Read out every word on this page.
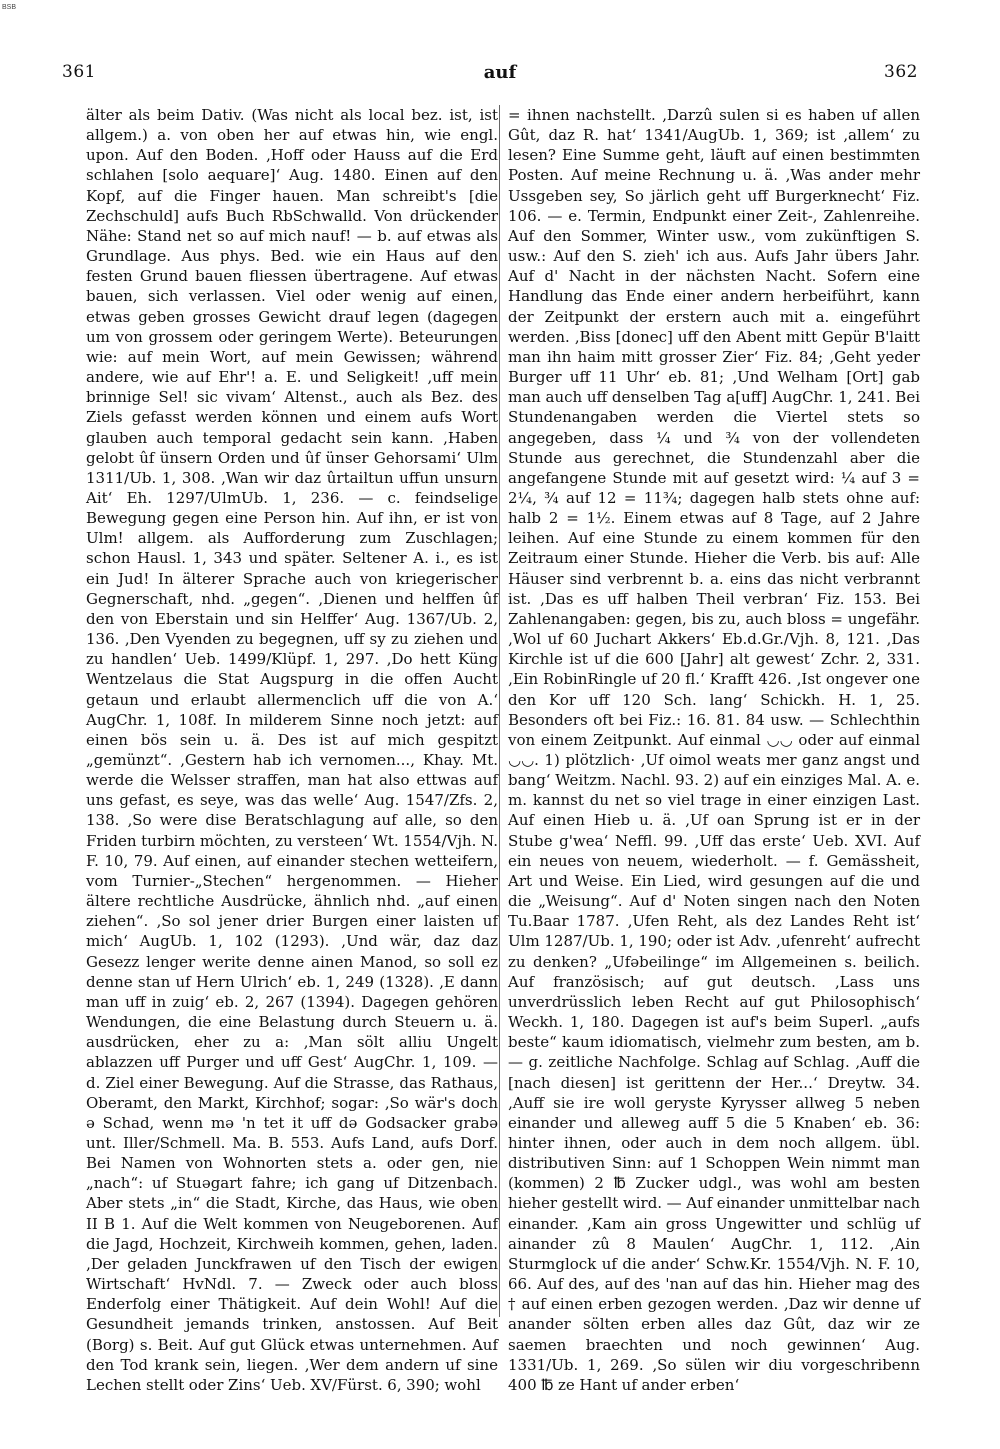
BSB
361	auf	362

älter als beim Dativ. (Was nicht als local bez. ist, ist allgem.) a. von oben her auf etwas hin, wie engl. upon. Auf den Boden. ‚Hoff oder Hauss auf die Erd schlahen [solo aequare]‘ Aug. 1480. Einen auf den Kopf, auf die Finger hauen. Man schreibt's [die Zechschuld] aufs Buch RbSchwalld. Von drückender Nähe: Stand net so auf mich nauf! — b. auf etwas als Grundlage. Aus phys. Bed. wie ein Haus auf den festen Grund bauen fliessen übertragene. Auf etwas bauen, sich verlassen. Viel oder wenig auf einen, etwas geben grosses Gewicht drauf legen (dagegen um von grossem oder geringem Werte). Beteurungen wie: auf mein Wort, auf mein Gewissen; während andere, wie auf Ehr'! a. E. und Seligkeit! ‚uff mein brinnige Sel! sic vivam‘ Altenst., auch als Bez. des Ziels gefasst werden können und einem aufs Wort glauben auch temporal gedacht sein kann. ‚Haben gelobt ûf ünsern Orden und ûf ünser Gehorsami‘ Ulm 1311/Ub. 1, 308. ‚Wan wir daz ûrtailtun uffun unsurn Ait‘ Eh. 1297/UlmUb. 1, 236. — c. feindselige Bewegung gegen eine Person hin. Auf ihn, er ist von Ulm! allgem. als Aufforderung zum Zuschlagen; schon Hausl. 1, 343 und später. Seltener A. i., es ist ein Jud! In älterer Sprache auch von kriegerischer Gegnerschaft, nhd. „gegen“. ‚Dienen und helffen ûf den von Eberstain und sin Helffer‘ Aug. 1367/Ub. 2, 136. ‚Den Vyenden zu begegnen, uff sy zu ziehen und zu handlen‘ Ueb. 1499/Klüpf. 1, 297. ‚Do hett Küng Wentzelaus die Stat Augspurg in die offen Aucht getaun und erlaubt allermenclich uff die von A.‘ AugChr. 1, 108f. In milderem Sinne noch jetzt: auf einen bös sein u. ä. Des ist auf mich gespitzt „gemünzt“. ‚Gestern hab ich vernomen..., Khay. Mt. werde die Welsser straffen, man hat also ettwas auf uns gefast, es seye, was das welle‘ Aug. 1547/Zfs. 2, 138. ‚So were dise Beratschlagung auf alle, so den Friden turbirn möchten, zu versteen‘ Wt. 1554/Vjh. N. F. 10, 79. Auf einen, auf einander stechen wetteifern, vom Turnier-„Stechen“ hergenommen. — Hieher ältere rechtliche Ausdrücke, ähnlich nhd. „auf einen ziehen“. ‚So sol jener drier Burgen einer laisten uf mich‘ AugUb. 1, 102 (1293). ‚Und wär, daz daz Gesezz lenger werite denne ainen Manod, so soll ez denne stan uf Hern Ulrich‘ eb. 1, 249 (1328). ‚E dann man uff in zuig‘ eb. 2, 267 (1394). Dagegen gehören Wendungen, die eine Belastung durch Steuern u. ä. ausdrücken, eher zu a: ‚Man sölt alliu Ungelt ablazzen uff Purger und uff Gest‘ AugChr. 1, 109. — d. Ziel einer Bewegung. Auf die Strasse, das Rathaus, Oberamt, den Markt, Kirchhof; sogar: ‚So wär's doch ə Schad, wenn mə 'n tet it uff də Godsacker grabə unt. Iller/Schmell. Ma. B. 553. Aufs Land, aufs Dorf. Bei Namen von Wohnorten stets a. oder gen, nie „nach“: uf Stuəgart fahre; ich gang uf Ditzenbach. Aber stets „in“ die Stadt, Kirche, das Haus, wie oben II B 1. Auf die Welt kommen von Neugeborenen. Auf die Jagd, Hochzeit, Kirchweih kommen, gehen, laden. ‚Der geladen Junckfrawen uf den Tisch der ewigen Wirtschaft‘ HvNdl. 7. — Zweck oder auch bloss Enderfolg einer Thätigkeit. Auf dein Wohl! Auf die Gesundheit jemands trinken, anstossen. Auf Beit (Borg) s. Beit. Auf gut Glück etwas unternehmen. Auf den Tod krank sein, liegen. ‚Wer dem andern uf sine Lechen stellt oder Zins‘ Ueb. XV/Fürst. 6, 390; wohl

= ihnen nachstellt. ‚Darzû sulen si es haben uf allen Gût, daz R. hat‘ 1341/AugUb. 1, 369; ist ‚allem‘ zu lesen? Eine Summe geht, läuft auf einen bestimmten Posten. Auf meine Rechnung u. ä. ‚Was ander mehr Ussgeben sey, So järlich geht uff Burgerknecht‘ Fiz. 106. — e. Termin, Endpunkt einer Zeit-, Zahlenreihe. Auf den Sommer, Winter usw., vom zukünftigen S. usw.: Auf den S. zieh' ich aus. Aufs Jahr übers Jahr. Auf d' Nacht in der nächsten Nacht. Sofern eine Handlung das Ende einer andern herbeiführt, kann der Zeitpunkt der erstern auch mit a. eingeführt werden. ‚Biss [donec] uff den Abent mitt Gepür B'laitt man ihn haim mitt grosser Zier‘ Fiz. 84; ‚Geht yeder Burger uff 11 Uhr‘ eb. 81; ‚Und Welham [Ort] gab man auch uff denselben Tag a[uff] AugChr. 1, 241. Bei Stundenangaben werden die Viertel stets so angegeben, dass ¼ und ¾ von der vollendeten Stunde aus gerechnet, die Stundenzahl aber die angefangene Stunde mit auf gesetzt wird: ¼ auf 3 = 2¼, ¾ auf 12 = 11¾; dagegen halb stets ohne auf: halb 2 = 1½. Einem etwas auf 8 Tage, auf 2 Jahre leihen. Auf eine Stunde zu einem kommen für den Zeitraum einer Stunde. Hieher die Verb. bis auf: Alle Häuser sind verbrennt b. a. eins das nicht verbrannt ist. ‚Das es uff halben Theil verbran‘ Fiz. 153. Bei Zahlenangaben: gegen, bis zu, auch bloss = ungefähr. ‚Wol uf 60 Juchart Akkers‘ Eb.d.Gr./Vjh. 8, 121. ‚Das Kirchle ist uf die 600 [Jahr] alt gewest‘ Zchr. 2, 331. ‚Ein RobinRingle uf 20 fl.‘ Krafft 426. ‚Ist ongever one den Kor uff 120 Sch. lang‘ Schickh. H. 1, 25. Besonders oft bei Fiz.: 16. 81. 84 usw. — Schlechthin von einem Zeitpunkt. Auf einmal ◡◡ oder auf einmal ◡◡. 1) plötzlich· ‚Uf oimol weats mer ganz angst und bang‘ Weitzm. Nachl. 93. 2) auf ein einziges Mal. A. e. m. kannst du net so viel trage in einer einzigen Last. Auf einen Hieb u. ä. ‚Uf oan Sprung ist er in der Stube g'wea‘ Neffl. 99. ‚Uff das erste‘ Ueb. XVI. Auf ein neues von neuem, wiederholt. — f. Gemässheit, Art und Weise. Ein Lied, wird gesungen auf die und die „Weisung“. Auf d' Noten singen nach den Noten Tu.Baar 1787. ‚Ufen Reht, als dez Landes Reht ist‘ Ulm 1287/Ub. 1, 190; oder ist Adv. ‚ufenreht‘ aufrecht zu denken? „Ufəbeilinge“ im Allgemeinen s. beilich. Auf französisch; auf gut deutsch. ‚Lass uns unverdrüsslich leben Recht auf gut Philosophisch‘ Weckh. 1, 180. Dagegen ist auf's beim Superl. „aufs beste“ kaum idiomatisch, vielmehr zum besten, am b. — g. zeitliche Nachfolge. Schlag auf Schlag. ‚Auff die [nach diesen] ist gerittenn der Her...‘ Dreytw. 34. ‚Auff sie ire woll geryste Kyrysser allweg 5 neben einander und alleweg auff 5 die 5 Knaben‘ eb. 36: hinter ihnen, oder auch in dem noch allgem. übl. distributiven Sinn: auf 1 Schoppen Wein nimmt man (kommen) 2 ℔ Zucker udgl., was wohl am besten hieher gestellt wird. — Auf einander unmittelbar nach einander. ‚Kam ain gross Ungewitter und schlüg uf ainander zû 8 Maulen‘ AugChr. 1, 112. ‚Ain Sturmglock uf die ander‘ Schw.Kr. 1554/Vjh. N. F. 10, 66. Auf des, auf des 'nan auf das hin. Hieher mag des † auf einen erben gezogen werden. ‚Daz wir denne uf anander sölten erben alles daz Gût, daz wir ze saemen braechten und noch gewinnen‘ Aug. 1331/Ub. 1, 269. ‚So sülen wir diu vorgeschribenn 400 ℔ ze Hant uf ander erben‘
